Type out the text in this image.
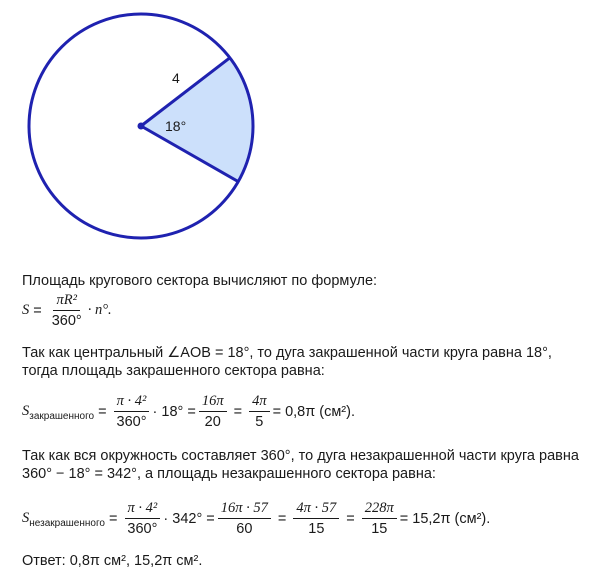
4
18°
Площадь кругового сектора вычисляют по формуле:
$S = \frac{\text{πR²}}{360^\circ} \cdot n^\circ$.
Так как центральный ∠AOB = 18°, то дуга закрашенной части круга равна 18°,
тогда площадь закрашенного сектора равна:
S закрашенного = $\frac{\text{π · 4²}}{360^\circ} \cdot 18^\circ = \frac{16\pi}{20} = \frac{4\pi}{5} = 0,8\pi$ (см²).
Так как вся окружность составляет 360°, то дуга незакрашенной части круга равна
360° − 18° = 342°, а площадь незакрашенного сектора равна:
S незакрашенного = $\frac{\text{π · 4²}}{360^\circ} \cdot 342^\circ = \frac{16\pi \cdot 57}{60} = \frac{4\pi \cdot 57}{15} = \frac{228\pi}{15} = 15,2\pi$ (см²).
Ответ: 0,8π см², 15,2π см².
